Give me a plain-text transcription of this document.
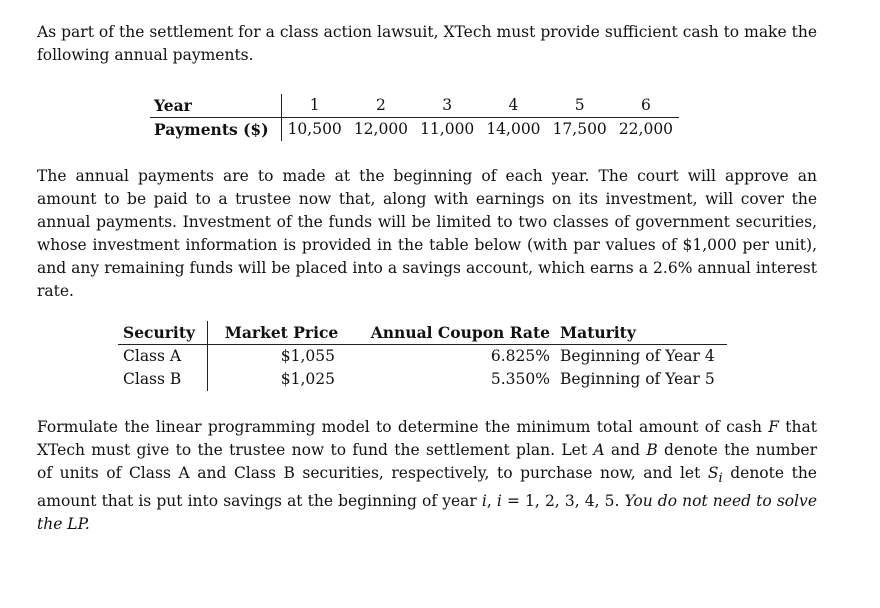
As part of the settlement for a class action lawsuit, XTech must provide sufficient cash to make the
following annual payments.

Year	1	2	3	4	5	6
Payments ($)	10,500	12,000	11,000	14,000	17,500	22,000

The annual payments are to made at the beginning of each year. The court will approve an
amount to be paid to a trustee now that, along with earnings on its investment, will cover the
annual payments. Investment of the funds will be limited to two classes of government securities,
whose investment information is provided in the table below (with par values of $1,000 per unit),
and any remaining funds will be placed into a savings account, which earns a 2.6% annual interest
rate.

Security	Market Price	Annual Coupon Rate	Maturity
Class A	$1,055	6.825%	Beginning of Year 4
Class B	$1,025	5.350%	Beginning of Year 5

Formulate the linear programming model to determine the minimum total amount of cash F that
XTech must give to the trustee now to fund the settlement plan. Let A and B denote the number
of units of Class A and Class B securities, respectively, to purchase now, and let $S_i$ denote the
amount that is put into savings at the beginning of year i, i = 1, 2, 3, 4, 5. You do not need to solve
the LP.
